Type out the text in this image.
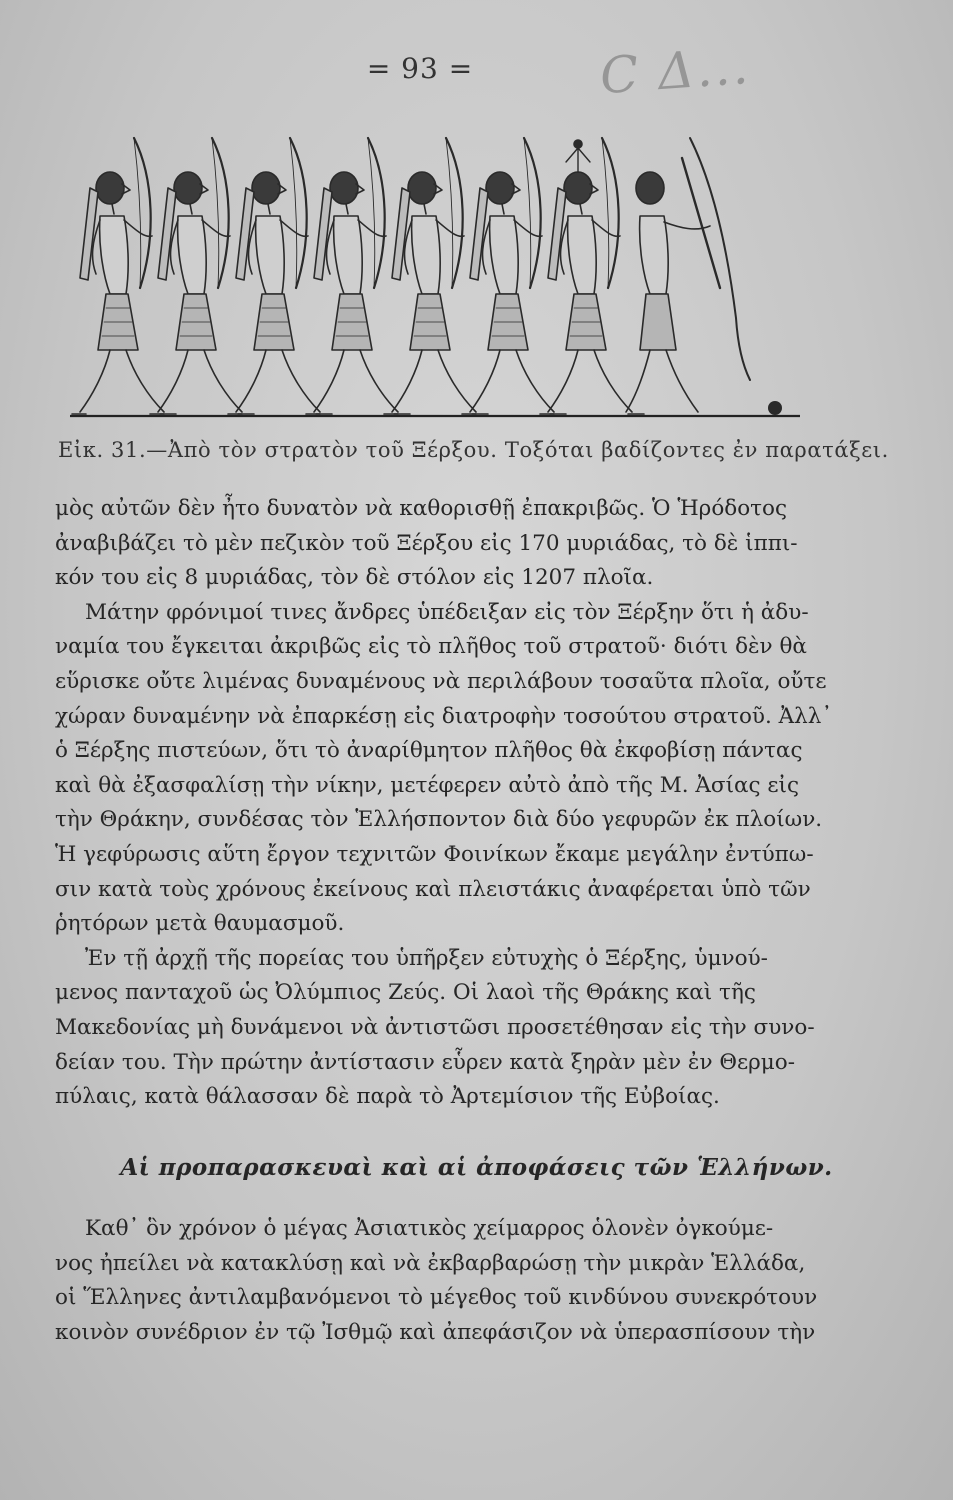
= 93 =	Ϲ Δ...
Εἰκ. 31.—Ἀπὸ τὸν στρατὸν τοῦ Ξέρξου. Τοξόται βαδίζοντες ἐν παρατάξει.
μὸς αὐτῶν δὲν ἦτο δυνατὸν νὰ καθορισθῇ ἐπακριβῶς. Ὁ Ἡρόδοτος
ἀναβιβάζει τὸ μὲν πεζικὸν τοῦ Ξέρξου εἰς 170 μυριάδας, τὸ δὲ ἱππι-
κόν του εἰς 8 μυριάδας, τὸν δὲ στόλον εἰς 1207 πλοῖα.
Μάτην φρόνιμοί τινες ἄνδρες ὑπέδειξαν εἰς τὸν Ξέρξην ὅτι ἡ ἀδυ-
ναμία του ἔγκειται ἀκριβῶς εἰς τὸ πλῆθος τοῦ στρατοῦ· διότι δὲν θὰ
εὕρισκε οὔτε λιμένας δυναμένους νὰ περιλάβουν τοσαῦτα πλοῖα, οὔτε
χώραν δυναμένην νὰ ἐπαρκέσῃ εἰς διατροφὴν τοσούτου στρατοῦ. Ἀλλ᾽
ὁ Ξέρξης πιστεύων, ὅτι τὸ ἀναρίθμητον πλῆθος θὰ ἐκφοβίσῃ πάντας
καὶ θὰ ἐξασφαλίσῃ τὴν νίκην, μετέφερεν αὐτὸ ἀπὸ τῆς Μ. Ἀσίας εἰς
τὴν Θράκην, συνδέσας τὸν Ἑλλήσποντον διὰ δύο γεφυρῶν ἐκ πλοίων.
Ἡ γεφύρωσις αὕτη ἔργον τεχνιτῶν Φοινίκων ἔκαμε μεγάλην ἐντύπω-
σιν κατὰ τοὺς χρόνους ἐκείνους καὶ πλειστάκις ἀναφέρεται ὑπὸ τῶν
ῥητόρων μετὰ θαυμασμοῦ.
Ἐν τῇ ἀρχῇ τῆς πορείας του ὑπῆρξεν εὐτυχὴς ὁ Ξέρξης, ὑμνού-
μενος πανταχοῦ ὡς Ὀλύμπιος Ζεύς. Οἱ λαοὶ τῆς Θράκης καὶ τῆς
Μακεδονίας μὴ δυνάμενοι νὰ ἀντιστῶσι προσετέθησαν εἰς τὴν συνο-
δείαν του. Τὴν πρώτην ἀντίστασιν εὗρεν κατὰ ξηρὰν μὲν ἐν Θερμο-
πύλαις, κατὰ θάλασσαν δὲ παρὰ τὸ Ἀρτεμίσιον τῆς Εὐβοίας.
Αἱ προπαρασκευαὶ καὶ αἱ ἀποφάσεις τῶν Ἑλλήνων.
Καθ᾽ ὃν χρόνον ὁ μέγας Ἀσιατικὸς χείμαρρος ὁλονὲν ὀγκούμε-
νος ἠπείλει νὰ κατακλύσῃ καὶ νὰ ἐκβαρβαρώσῃ τὴν μικρὰν Ἑλλάδα,
οἱ Ἕλληνες ἀντιλαμβανόμενοι τὸ μέγεθος τοῦ κινδύνου συνεκρότουν
κοινὸν συνέδριον ἐν τῷ Ἰσθμῷ καὶ ἀπεφάσιζον νὰ ὑπερασπίσουν τὴν
